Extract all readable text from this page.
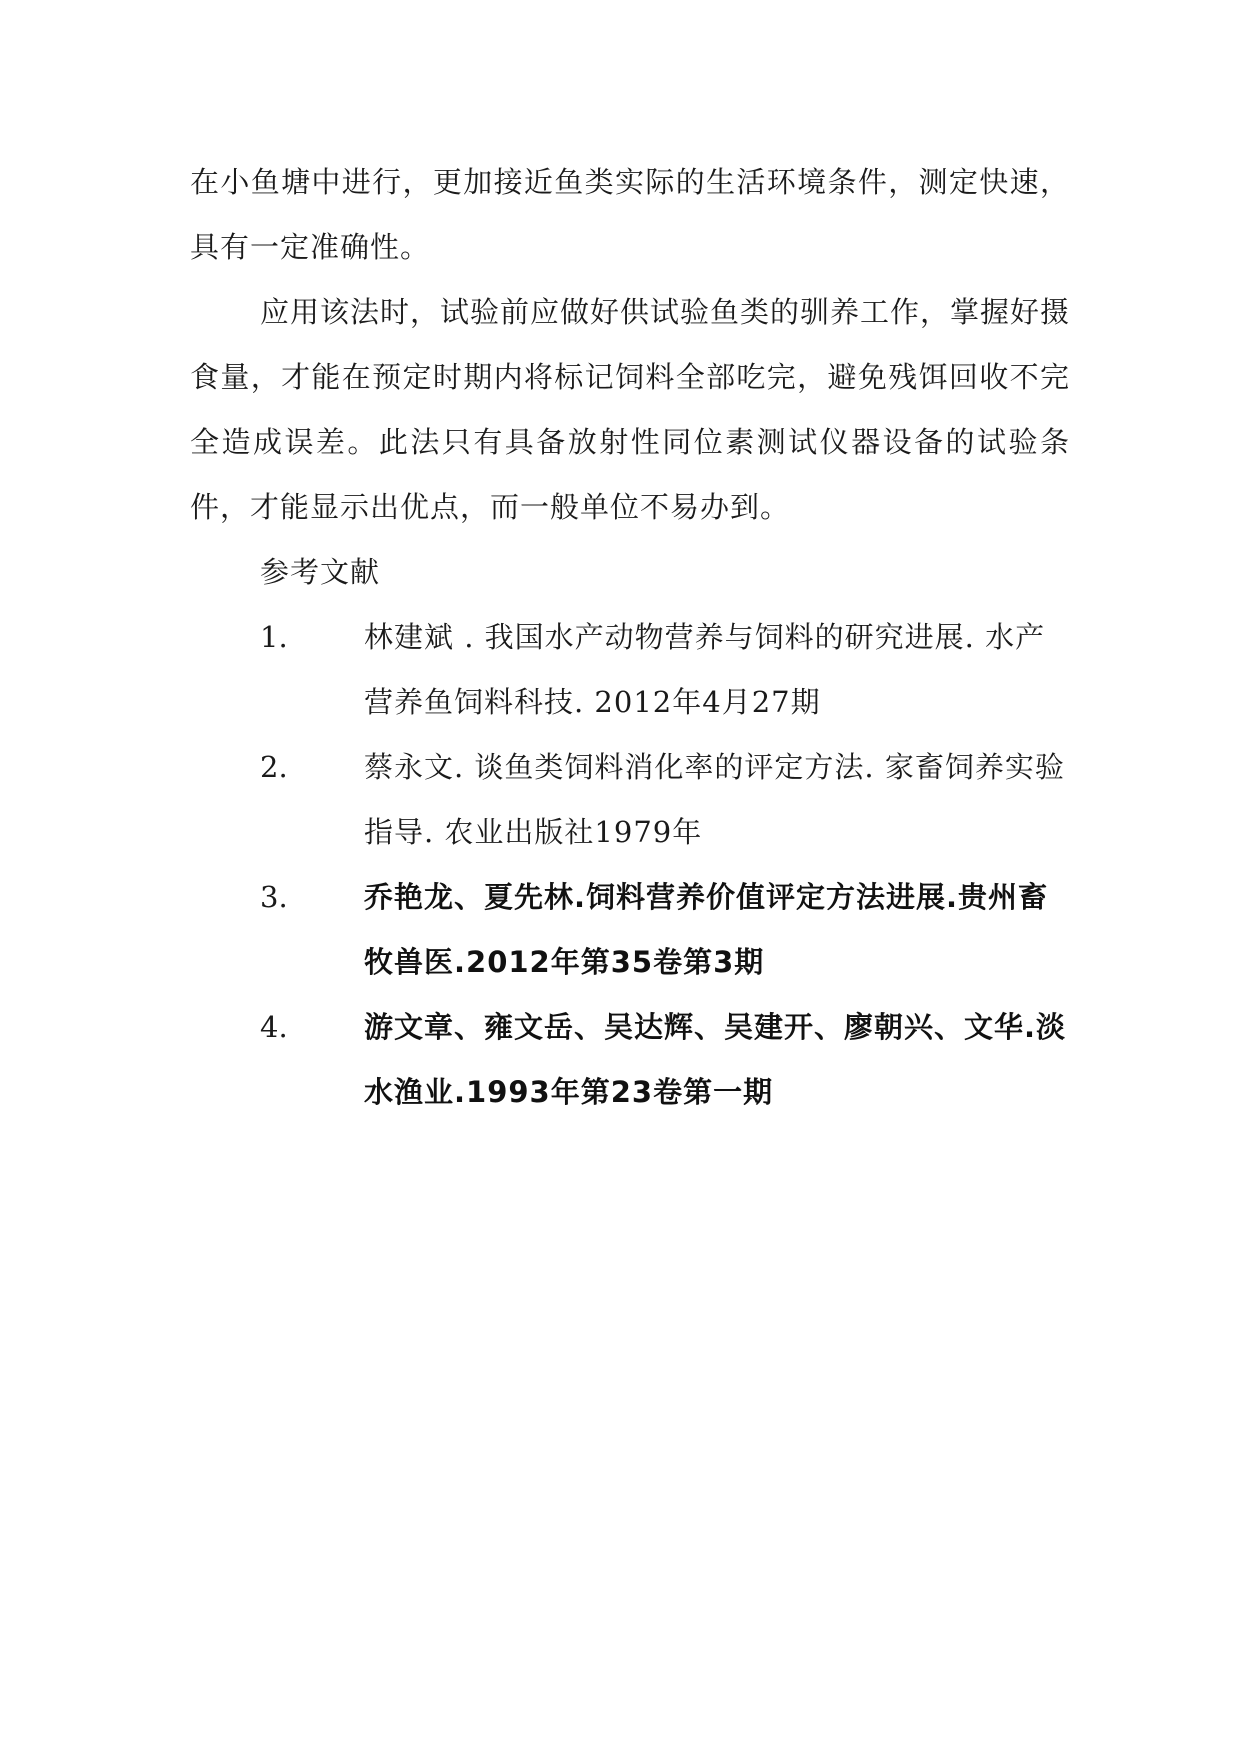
在小鱼塘中进行，更加接近鱼类实际的生活环境条件，测定快速，具有一定准确性。

应用该法时，试验前应做好供试验鱼类的驯养工作，掌握好摄食量，才能在预定时期内将标记饲料全部吃完，避免残饵回收不完全造成误差。此法只有具备放射性同位素测试仪器设备的试验条件，才能显示出优点，而一般单位不易办到。

参考文献

1.	林建斌 . 我国水产动物营养与饲料的研究进展. 水产营养鱼饲料科技. 2012年4月27期
2.	蔡永文. 谈鱼类饲料消化率的评定方法. 家畜饲养实验指导. 农业出版社1979年
3.	乔艳龙、夏先林.饲料营养价值评定方法进展.贵州畜牧兽医.2012年第35卷第3期
4.	游文章、雍文岳、吴达辉、吴建开、廖朝兴、文华.淡水渔业.1993年第23卷第一期
